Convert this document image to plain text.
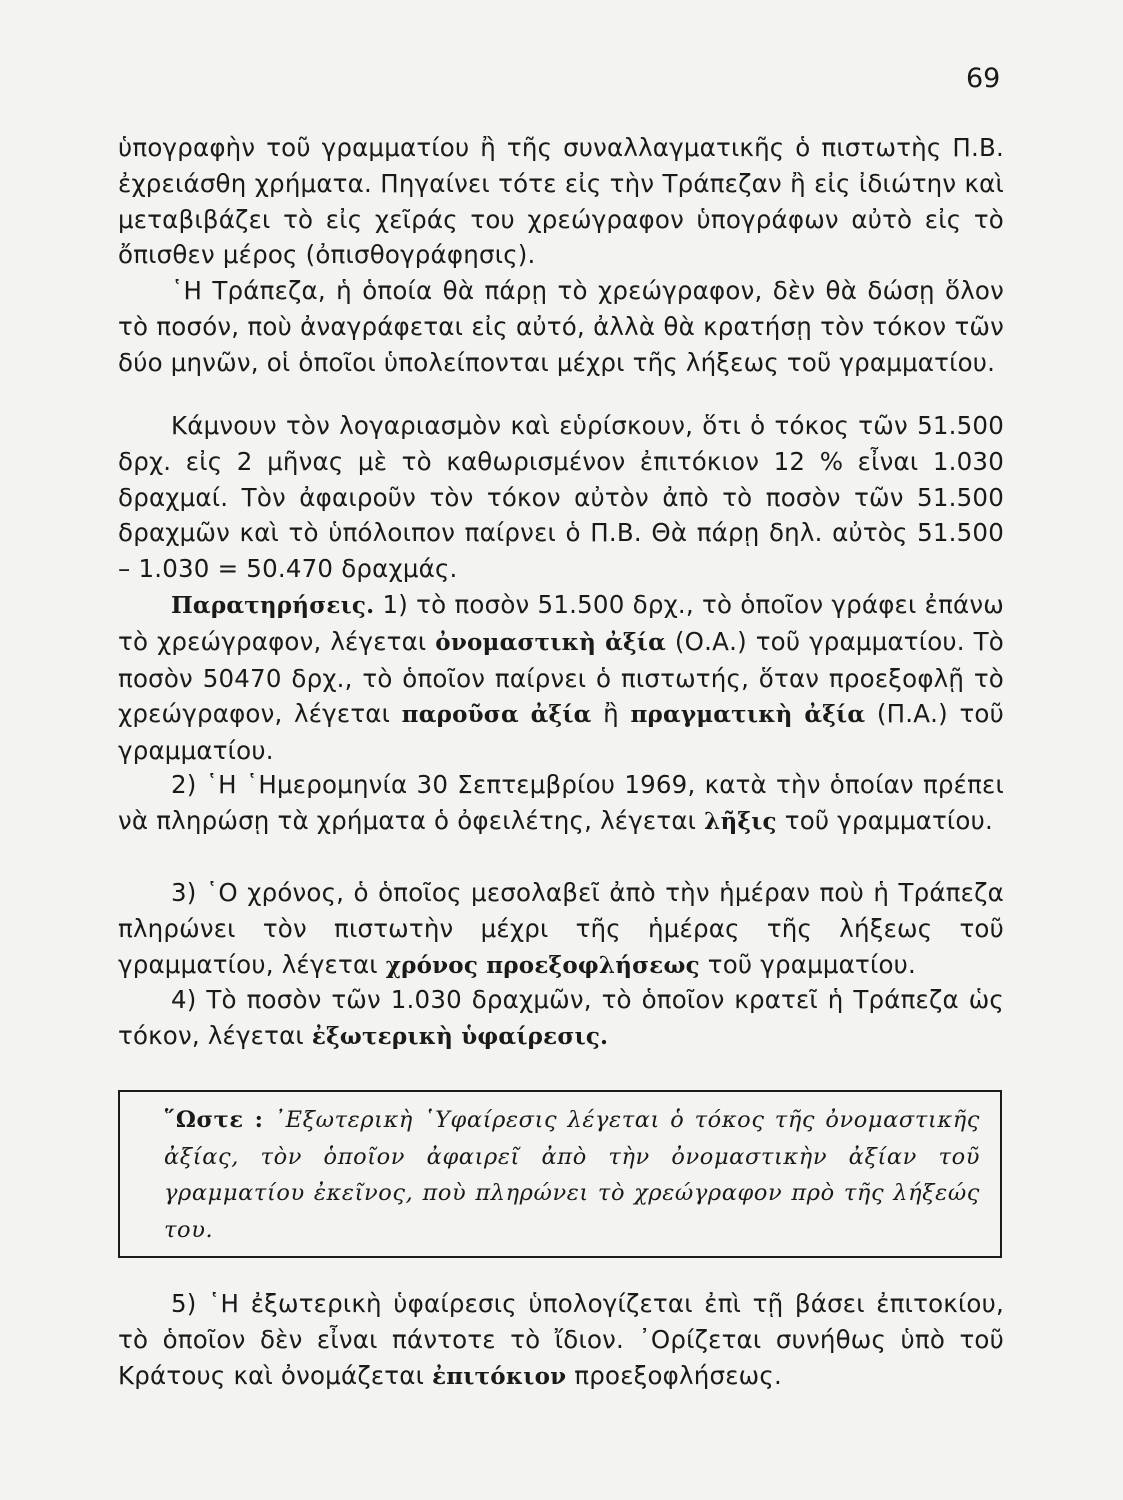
69

ὑπογραφὴν τοῦ γραμματίου ἢ τῆς συναλλαγματικῆς ὁ πιστωτὴς Π.Β. ἐχρειάσθη χρήματα. Πηγαίνει τότε εἰς τὴν Τράπεζαν ἢ εἰς ἰδιώτην καὶ μεταβιβάζει τὸ εἰς χεῖράς του χρεώγραφον ὑπογράφων αὐτὸ εἰς τὸ ὄπισθεν μέρος (ὀπισθογράφησις).

῾Η Τράπεζα, ἡ ὁποία θὰ πάρῃ τὸ χρεώγραφον, δὲν θὰ δώσῃ ὅλον τὸ ποσόν, ποὺ ἀναγράφεται εἰς αὐτό, ἀλλὰ θὰ κρατήσῃ τὸν τόκον τῶν δύο μηνῶν, οἱ ὁποῖοι ὑπολείπονται μέχρι τῆς λήξεως τοῦ γραμματίου.

Κάμνουν τὸν λογαριασμὸν καὶ εὑρίσκουν, ὅτι ὁ τόκος τῶν 51.500 δρχ. εἰς 2 μῆνας μὲ τὸ καθωρισμένον ἐπιτόκιον 12 % εἶναι 1.030 δραχμαί. Τὸν ἀφαιροῦν τὸν τόκον αὐτὸν ἀπὸ τὸ ποσὸν τῶν 51.500 δραχμῶν καὶ τὸ ὑπόλοιπον παίρνει ὁ Π.Β. Θὰ πάρῃ δηλ. αὐτὸς 51.500 – 1.030 = 50.470 δραχμάς.

Παρατηρήσεις. 1) τὸ ποσὸν 51.500 δρχ., τὸ ὁποῖον γράφει ἐπάνω τὸ χρεώγραφον, λέγεται ὀνομαστικὴ ἀξία (Ο.Α.) τοῦ γραμματίου. Τὸ ποσὸν 50470 δρχ., τὸ ὁποῖον παίρνει ὁ πιστωτής, ὅταν προεξοφλῇ τὸ χρεώγραφον, λέγεται παροῦσα ἀξία ἢ πραγματικὴ ἀξία (Π.Α.) τοῦ γραμματίου.

2) ῾Η ῾Ημερομηνία 30 Σεπτεμβρίου 1969, κατὰ τὴν ὁποίαν πρέπει νὰ πληρώσῃ τὰ χρήματα ὁ ὀφειλέτης, λέγεται λῆξις τοῦ γραμματίου.

3) ῾Ο χρόνος, ὁ ὁποῖος μεσολαβεῖ ἀπὸ τὴν ἡμέραν ποὺ ἡ Τράπεζα πληρώνει τὸν πιστωτὴν μέχρι τῆς ἡμέρας τῆς λήξεως τοῦ γραμματίου, λέγεται χρόνος προεξοφλήσεως τοῦ γραμματίου.

4) Τὸ ποσὸν τῶν 1.030 δραχμῶν, τὸ ὁποῖον κρατεῖ ἡ Τράπεζα ὡς τόκον, λέγεται ἐξωτερικὴ ὑφαίρεσις.

῞Ωστε : ᾿Εξωτερικὴ ῾Υφαίρεσις λέγεται ὁ τόκος τῆς ὀνομαστικῆς ἀξίας, τὸν ὁποῖον ἀφαιρεῖ ἀπὸ τὴν ὀνομαστικὴν ἀξίαν τοῦ γραμματίου ἐκεῖνος, ποὺ πληρώνει τὸ χρεώγραφον πρὸ τῆς λήξεώς του.

5) ῾Η ἐξωτερικὴ ὑφαίρεσις ὑπολογίζεται ἐπὶ τῇ βάσει ἐπιτοκίου, τὸ ὁποῖον δὲν εἶναι πάντοτε τὸ ἴδιον. ᾿Ορίζεται συνήθως ὑπὸ τοῦ Κράτους καὶ ὀνομάζεται ἐπιτόκιον προεξοφλήσεως.
